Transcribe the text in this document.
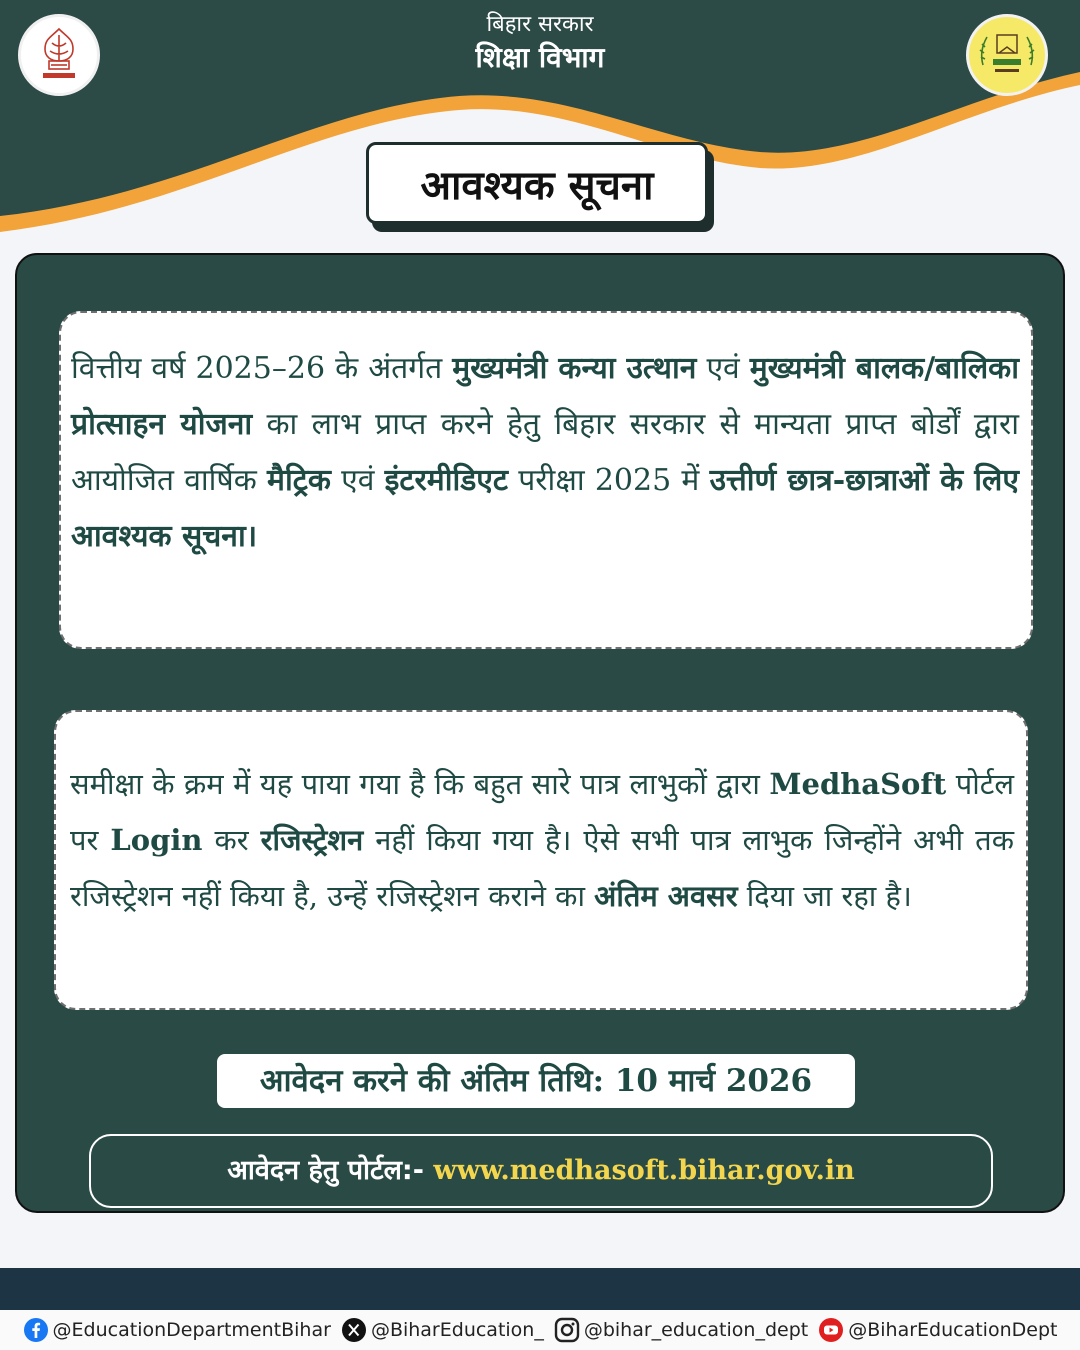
बिहार सरकार
शिक्षा विभाग
आवश्यक सूचना

वित्तीय वर्ष 2025–26 के अंतर्गत मुख्यमंत्री कन्या उत्थान एवं मुख्यमंत्री बालक/बालिका प्रोत्साहन योजना का लाभ प्राप्त करने हेतु बिहार सरकार से मान्यता प्राप्त बोर्डों द्वारा आयोजित वार्षिक मैट्रिक एवं इंटरमीडिएट परीक्षा 2025 में उत्तीर्ण छात्र-छात्राओं के लिए आवश्यक सूचना।

समीक्षा के क्रम में यह पाया गया है कि बहुत सारे पात्र लाभुकों द्वारा MedhaSoft पोर्टल पर Login कर रजिस्ट्रेशन नहीं किया गया है। ऐसे सभी पात्र लाभुक जिन्होंने अभी तक रजिस्ट्रेशन नहीं किया है, उन्हें रजिस्ट्रेशन कराने का अंतिम अवसर दिया जा रहा है।

आवेदन करने की अंतिम तिथि: 10 मार्च 2026
आवेदन हेतु पोर्टल:- www.medhasoft.bihar.gov.in
@EducationDepartmentBihar @BiharEducation_ @bihar_education_dept @BiharEducationDept
